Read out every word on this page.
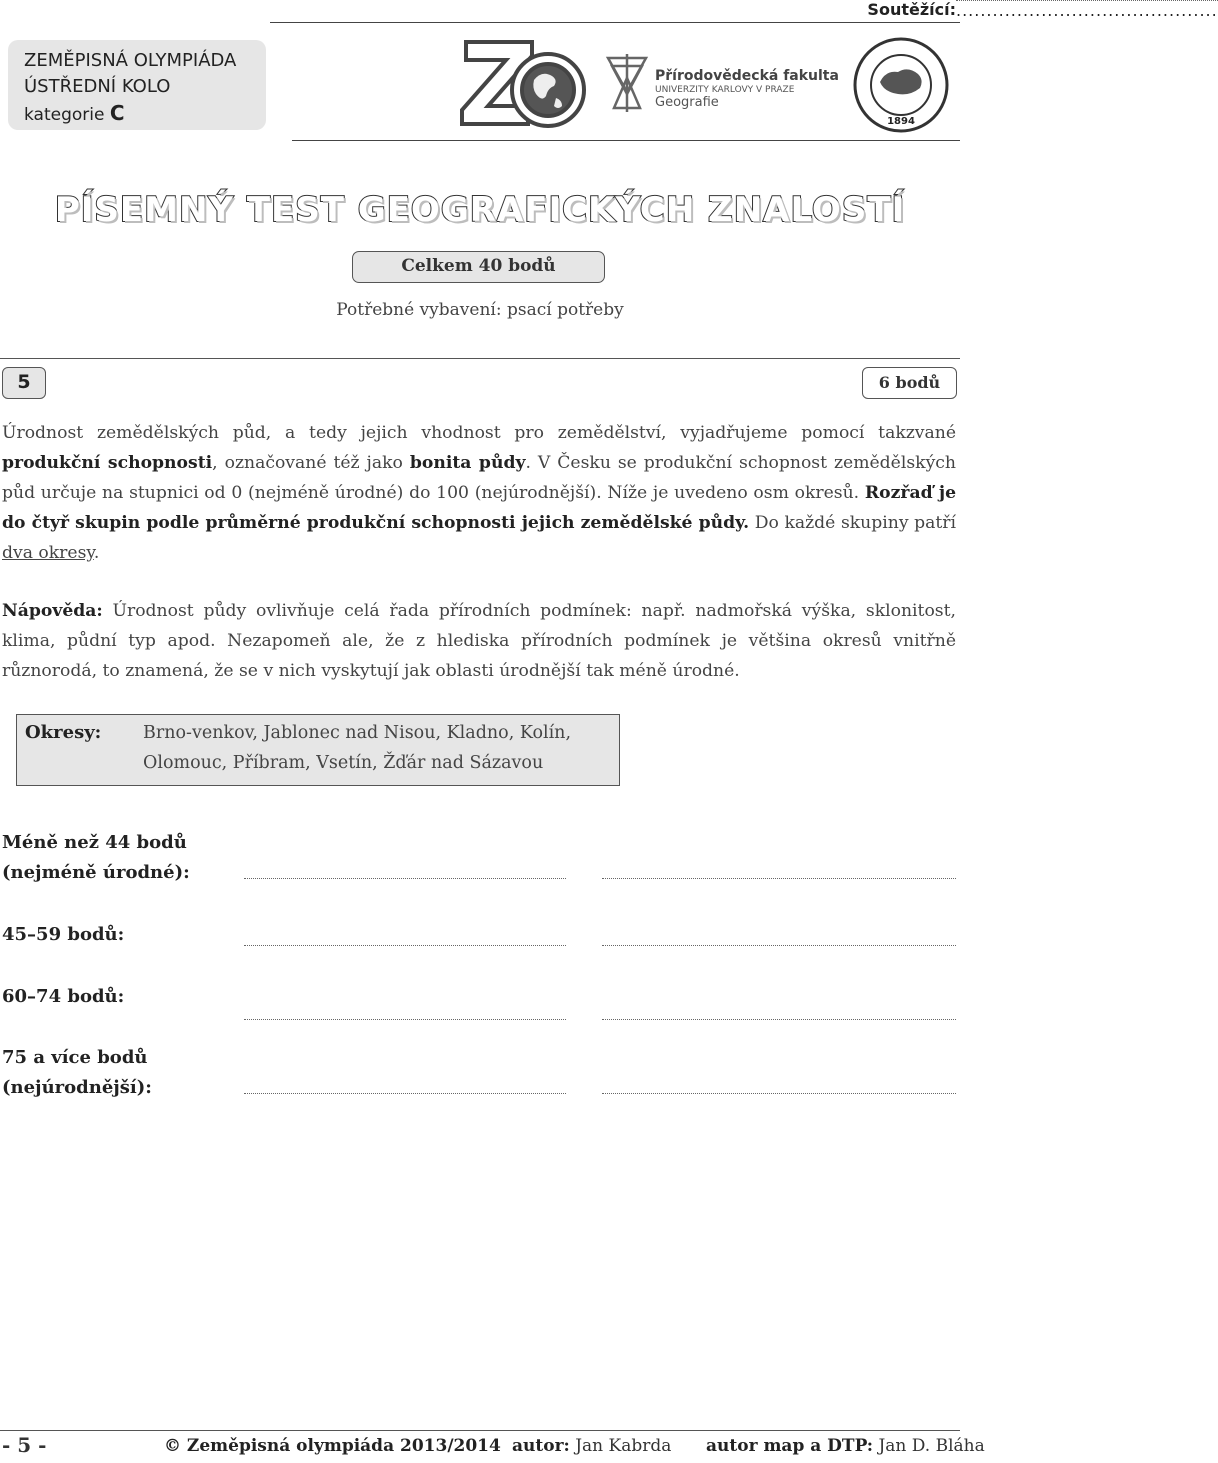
Soutěžící: ...........................................
ZEMĚPISNÁ OLYMPIÁDA
ÚSTŘEDNÍ KOLO
kategorie C
Přírodovědecká fakulta
UNIVERZITY KARLOVY V PRAZE
Geografie
1894
PÍSEMNÝ TEST GEOGRAFICKÝCH ZNALOSTÍ
Celkem 40 bodů
Potřebné vybavení: psací potřeby
5	6 bodů
Úrodnost zemědělských půd, a tedy jejich vhodnost pro zemědělství, vyjadřujeme pomocí takzvané produkční schopnosti, označované též jako bonita půdy. V Česku se produkční schopnost zemědělských půd určuje na stupnici od 0 (nejméně úrodné) do 100 (nejúrodnější). Níže je uvedeno osm okresů. Rozřaď je do čtyř skupin podle průměrné produkční schopnosti jejich zemědělské půdy. Do každé skupiny patří dva okresy.
Nápověda: Úrodnost půdy ovlivňuje celá řada přírodních podmínek: např. nadmořská výška, sklonitost, klima, půdní typ apod. Nezapomeň ale, že z hlediska přírodních podmínek je většina okresů vnitřně různorodá, to znamená, že se v nich vyskytují jak oblasti úrodnější tak méně úrodné.
Okresy: Brno-venkov, Jablonec nad Nisou, Kladno, Kolín,
Olomouc, Příbram, Vsetín, Žďár nad Sázavou
Méně než 44 bodů
(nejméně úrodné):
45–59 bodů:
60–74 bodů:
75 a více bodů
(nejúrodnější):
- 5 -	© Zeměpisná olympiáda 2013/2014 autor: Jan Kabrda autor map a DTP: Jan D. Bláha
